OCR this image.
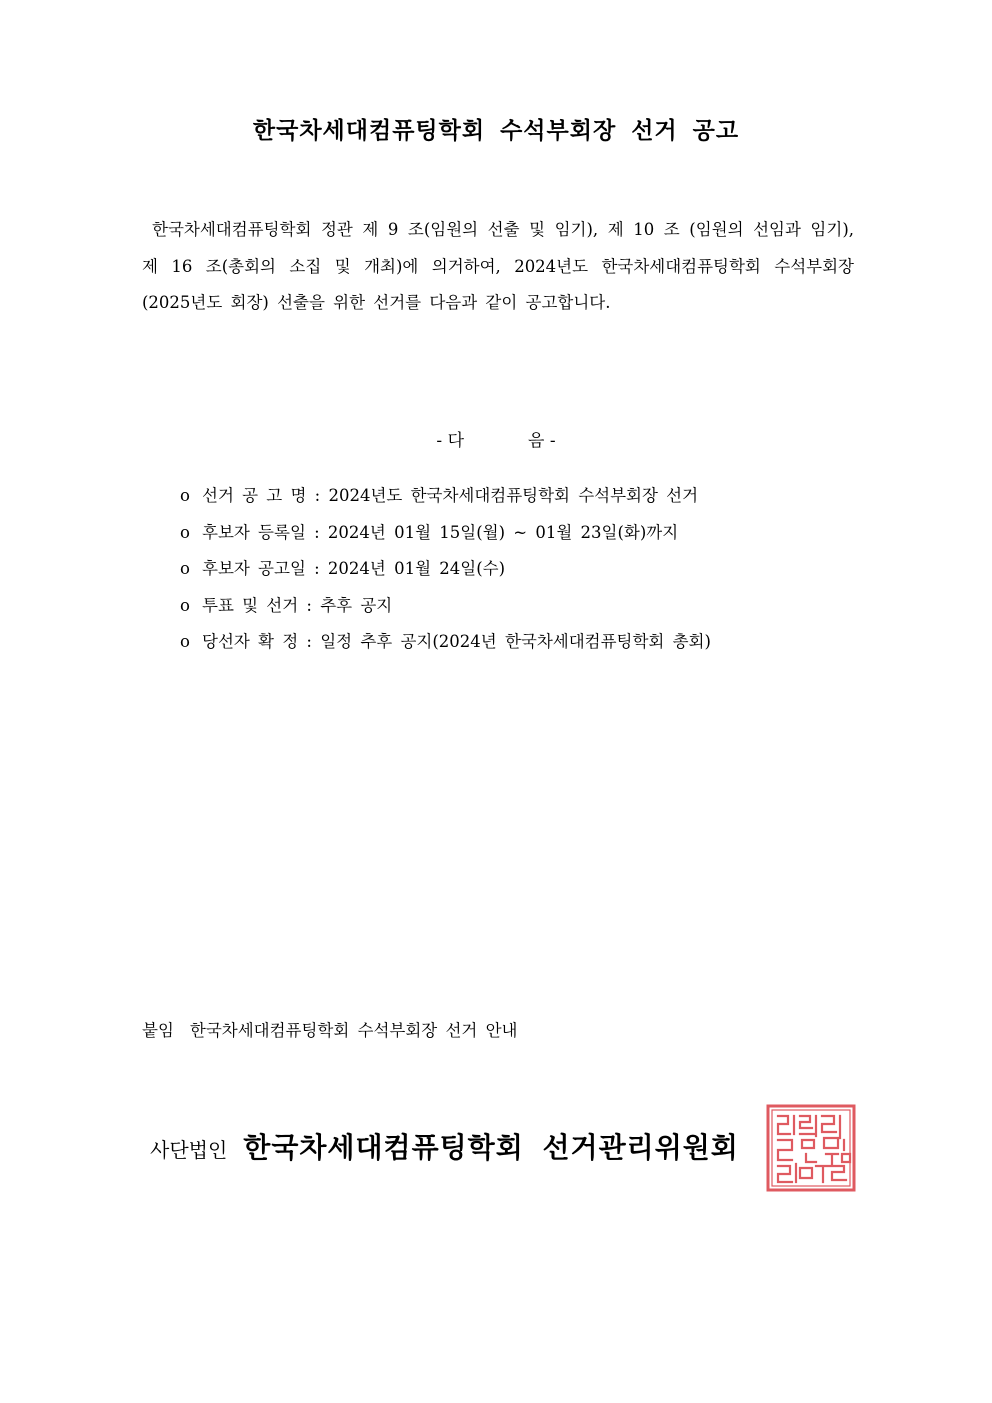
한국차세대컴퓨팅학회 수석부회장 선거 공고

한국차세대컴퓨팅학회 정관 제 9 조(임원의 선출 및 임기), 제 10 조 (임원의 선임과 임기), 제 16 조(총회의 소집 및 개최)에 의거하여, 2024년도 한국차세대컴퓨팅학회 수석부회장(2025년도 회장) 선출을 위한 선거를 다음과 같이 공고합니다.

- 다	음 -

o 선거 공 고 명 : 2024년도 한국차세대컴퓨팅학회 수석부회장 선거
o 후보자 등록일 : 2024년 01월 15일(월) ~ 01월 23일(화)까지
o 후보자 공고일 : 2024년 01월 24일(수)
o 투표 및 선거 : 추후 공지
o 당선자 확 정 : 일정 추후 공지(2024년 한국차세대컴퓨팅학회 총회)

붙임 한국차세대컴퓨팅학회 수석부회장 선거 안내

사단법인 한국차세대컴퓨팅학회 선거관리위원회
